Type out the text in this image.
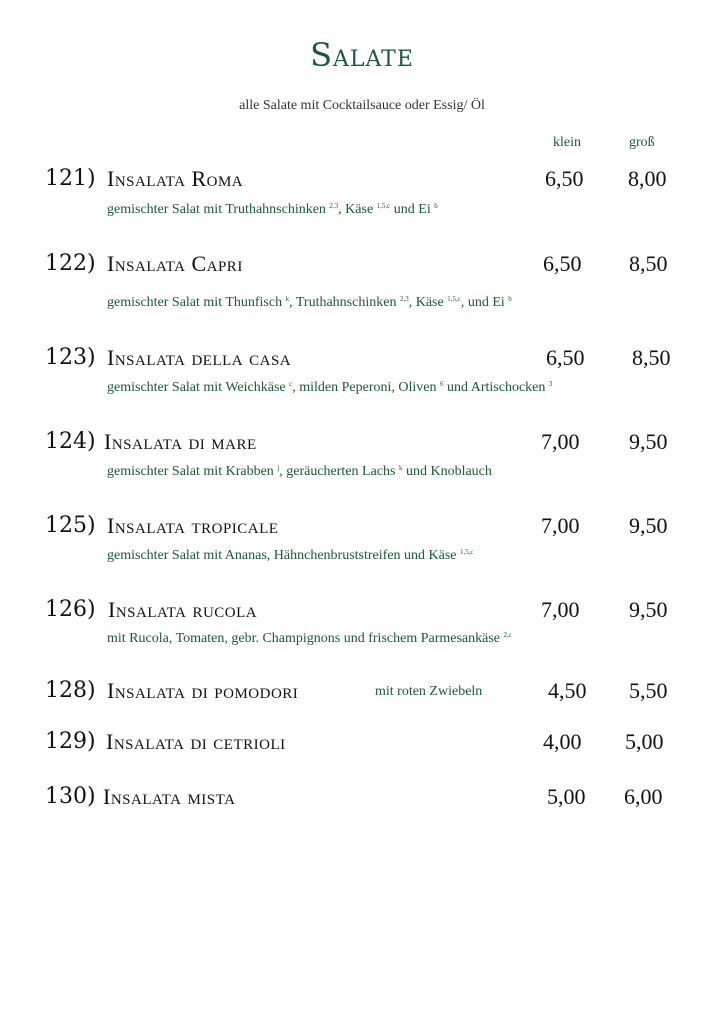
Salate
alle Salate mit Cocktailsauce oder Essig/ Öl
klein	groß
121) Insalata Roma	6,50 8,00
gemischter Salat mit Truthahnschinken $^{2,3}$, Käse $^{1,5,c}$ und Ei $^b$
122) Insalata Capri	6,50 8,50
gemischter Salat mit Thunfisch $^k$, Truthahnschinken $^{2,3}$, Käse $^{1,5,c}$, und Ei $^b$
123) Insalata della casa	6,50 8,50
gemischter Salat mit Weichkäse $^c$, milden Peperoni, Oliven $^6$ und Artischocken $^3$
124) Insalata di mare	7,00 9,50
gemischter Salat mit Krabben $^j$, geräucherten Lachs $^k$ und Knoblauch
125) Insalata tropicale	7,00 9,50
gemischter Salat mit Ananas, Hähnchenbruststreifen und Käse $^{1,5,c}$
126) Insalata rucola	7,00 9,50
mit Rucola, Tomaten, gebr. Champignons und frischem Parmesankäse $^{2,c}$
128) Insalata di pomodori	mit roten Zwiebeln	4,50 5,50
129) Insalata di cetrioli	4,00 5,00
130) Insalata mista	5,00 6,00
